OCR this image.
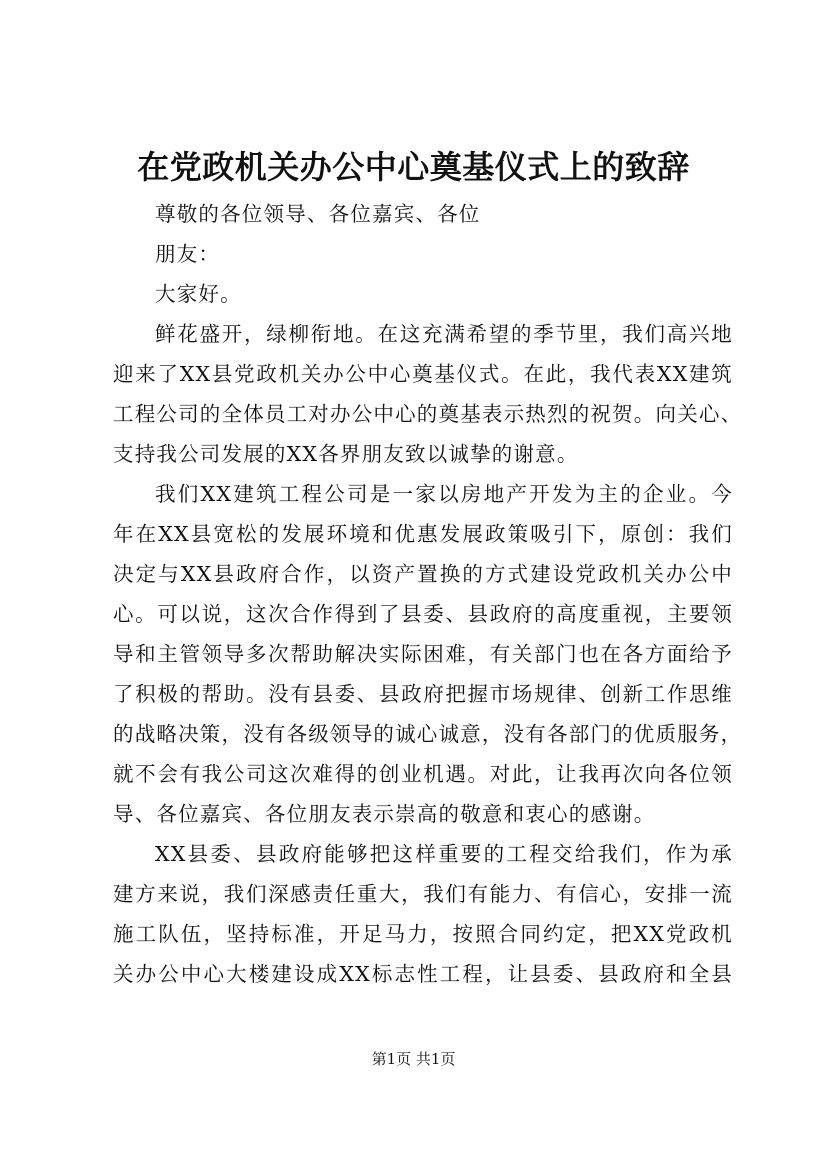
在党政机关办公中心奠基仪式上的致辞

尊敬的各位领导、各位嘉宾、各位

朋友：

大家好。

鲜花盛开，绿柳衔地。在这充满希望的季节里，我们高兴地

迎来了XX县党政机关办公中心奠基仪式。在此，我代表XX建筑

工程公司的全体员工对办公中心的奠基表示热烈的祝贺。向关心、

支持我公司发展的XX各界朋友致以诚挚的谢意。

我们XX建筑工程公司是一家以房地产开发为主的企业。今

年在XX县宽松的发展环境和优惠发展政策吸引下，原创：我们

决定与XX县政府合作，以资产置换的方式建设党政机关办公中

心。可以说，这次合作得到了县委、县政府的高度重视，主要领

导和主管领导多次帮助解决实际困难，有关部门也在各方面给予

了积极的帮助。没有县委、县政府把握市场规律、创新工作思维

的战略决策，没有各级领导的诚心诚意，没有各部门的优质服务，

就不会有我公司这次难得的创业机遇。对此，让我再次向各位领

导、各位嘉宾、各位朋友表示崇高的敬意和衷心的感谢。

XX县委、县政府能够把这样重要的工程交给我们，作为承

建方来说，我们深感责任重大，我们有能力、有信心，安排一流

施工队伍，坚持标准，开足马力，按照合同约定，把XX党政机

关办公中心大楼建设成XX标志性工程，让县委、县政府和全县

第1页 共1页
